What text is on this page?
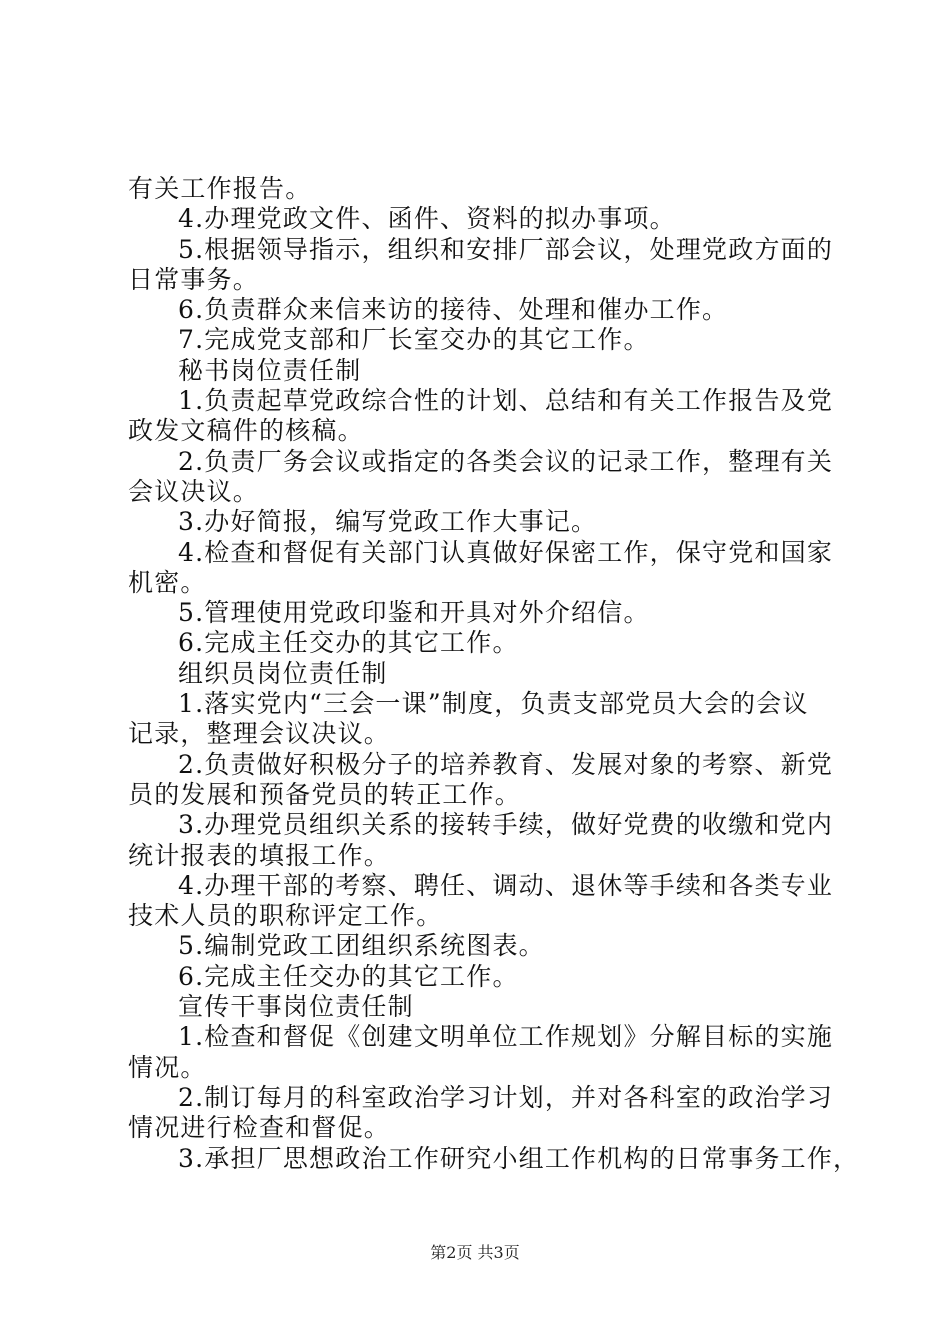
有关工作报告。
4.办理党政文件、函件、资料的拟办事项。
5.根据领导指示，组织和安排厂部会议，处理党政方面的
日常事务。
6.负责群众来信来访的接待、处理和催办工作。
7.完成党支部和厂长室交办的其它工作。
秘书岗位责任制
1.负责起草党政综合性的计划、总结和有关工作报告及党
政发文稿件的核稿。
2.负责厂务会议或指定的各类会议的记录工作，整理有关
会议决议。
3.办好简报，编写党政工作大事记。
4.检查和督促有关部门认真做好保密工作，保守党和国家
机密。
5.管理使用党政印鉴和开具对外介绍信。
6.完成主任交办的其它工作。
组织员岗位责任制
1.落实党内“三会一课”制度，负责支部党员大会的会议
记录，整理会议决议。
2.负责做好积极分子的培养教育、发展对象的考察、新党
员的发展和预备党员的转正工作。
3.办理党员组织关系的接转手续，做好党费的收缴和党内
统计报表的填报工作。
4.办理干部的考察、聘任、调动、退休等手续和各类专业
技术人员的职称评定工作。
5.编制党政工团组织系统图表。
6.完成主任交办的其它工作。
宣传干事岗位责任制
1.检查和督促《创建文明单位工作规划》分解目标的实施
情况。
2.制订每月的科室政治学习计划，并对各科室的政治学习
情况进行检查和督促。
3.承担厂思想政治工作研究小组工作机构的日常事务工作，
第2页 共3页
